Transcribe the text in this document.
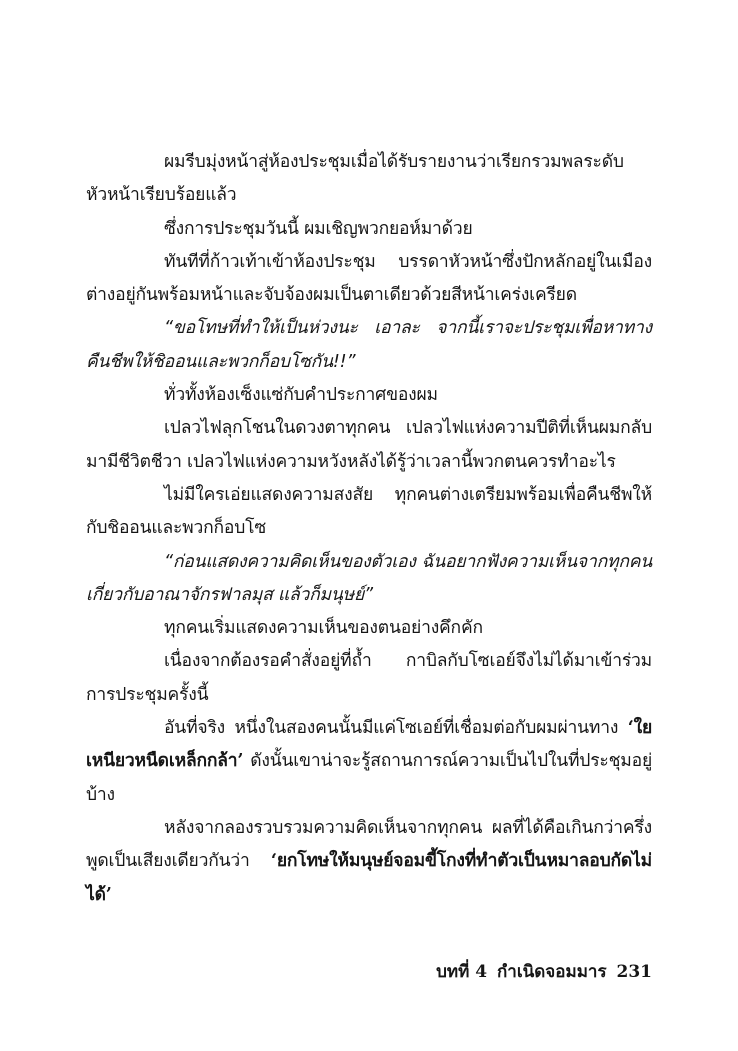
ผมรีบมุ่งหน้าสู่ห้องประชุมเมื่อได้รับรายงานว่าเรียกรวมพลระดับหัวหน้าเรียบร้อยแล้ว

ซึ่งการประชุมวันนี้ ผมเชิญพวกยอห์มาด้วย

ทันทีที่ก้าวเท้าเข้าห้องประชุม บรรดาหัวหน้าซึ่งปักหลักอยู่ในเมืองต่างอยู่กันพร้อมหน้าและจับจ้องผมเป็นตาเดียวด้วยสีหน้าเคร่งเครียด

“ขอโทษที่ทำให้เป็นห่วงนะ เอาละ จากนี้เราจะประชุมเพื่อหาทางคืนชีพให้ชิออนและพวกก็อบโซกัน!!”

ทั่วทั้งห้องเซ็งแซ่กับคำประกาศของผม

เปลวไฟลุกโชนในดวงตาทุกคน เปลวไฟแห่งความปีติที่เห็นผมกลับมามีชีวิตชีวา เปลวไฟแห่งความหวังหลังได้รู้ว่าเวลานี้พวกตนควรทำอะไร

ไม่มีใครเอ่ยแสดงความสงสัย ทุกคนต่างเตรียมพร้อมเพื่อคืนชีพให้กับชิออนและพวกก็อบโซ

“ก่อนแสดงความคิดเห็นของตัวเอง ฉันอยากฟังความเห็นจากทุกคนเกี่ยวกับอาณาจักรฟาลมุส แล้วก็มนุษย์”

ทุกคนเริ่มแสดงความเห็นของตนอย่างคึกคัก

เนื่องจากต้องรอคำสั่งอยู่ที่ถ้ำ กาบิลกับโซเอย์จึงไม่ได้มาเข้าร่วมการประชุมครั้งนี้

อันที่จริง หนึ่งในสองคนนั้นมีแค่โซเอย์ที่เชื่อมต่อกับผมผ่านทาง ‘ใยเหนียวหนืดเหล็กกล้า’ ดังนั้นเขาน่าจะรู้สถานการณ์ความเป็นไปในที่ประชุมอยู่บ้าง

หลังจากลองรวบรวมความคิดเห็นจากทุกคน ผลที่ได้คือเกินกว่าครึ่งพูดเป็นเสียงเดียวกันว่า ‘ยกโทษให้มนุษย์จอมขี้โกงที่ทำตัวเป็นหมาลอบกัดไม่ได้’

บทที่ 4 กำเนิดจอมมาร 231
